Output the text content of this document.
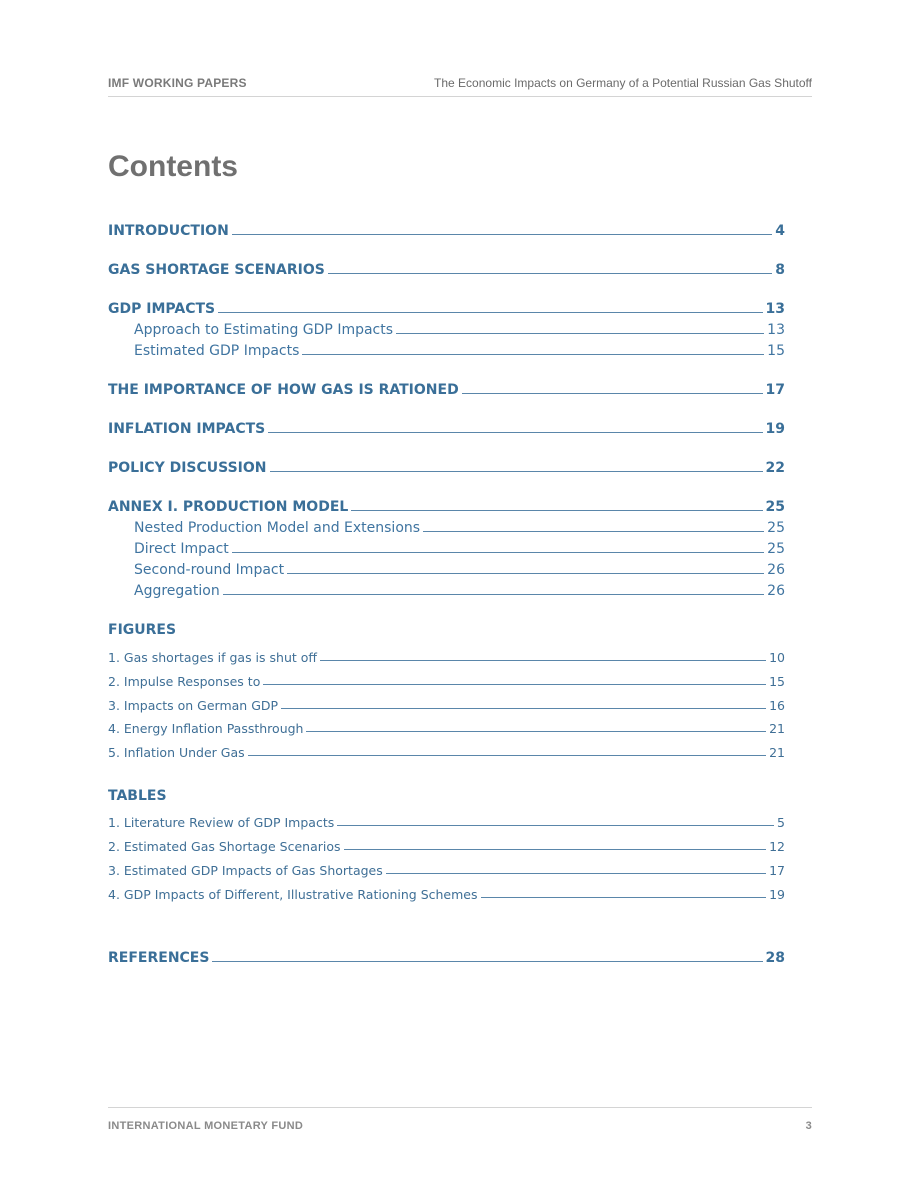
IMF WORKING PAPERS	The Economic Impacts on Germany of a Potential Russian Gas Shutoff
Contents
INTRODUCTION	4
GAS SHORTAGE SCENARIOS	8
GDP IMPACTS	13
Approach to Estimating GDP Impacts	13
Estimated GDP Impacts	15
THE IMPORTANCE OF HOW GAS IS RATIONED	17
INFLATION IMPACTS	19
POLICY DISCUSSION	22
ANNEX I. PRODUCTION MODEL	25
Nested Production Model and Extensions	25
Direct Impact	25
Second-round Impact	26
Aggregation	26
FIGURES
1. Gas shortages if gas is shut off	10
2. Impulse Responses to	15
3. Impacts on German GDP	16
4. Energy Inflation Passthrough	21
5. Inflation Under Gas	21
TABLES
1. Literature Review of GDP Impacts	5
2. Estimated Gas Shortage Scenarios	12
3. Estimated GDP Impacts of Gas Shortages	17
4. GDP Impacts of Different, Illustrative Rationing Schemes	19
REFERENCES	28
INTERNATIONAL MONETARY FUND	3
